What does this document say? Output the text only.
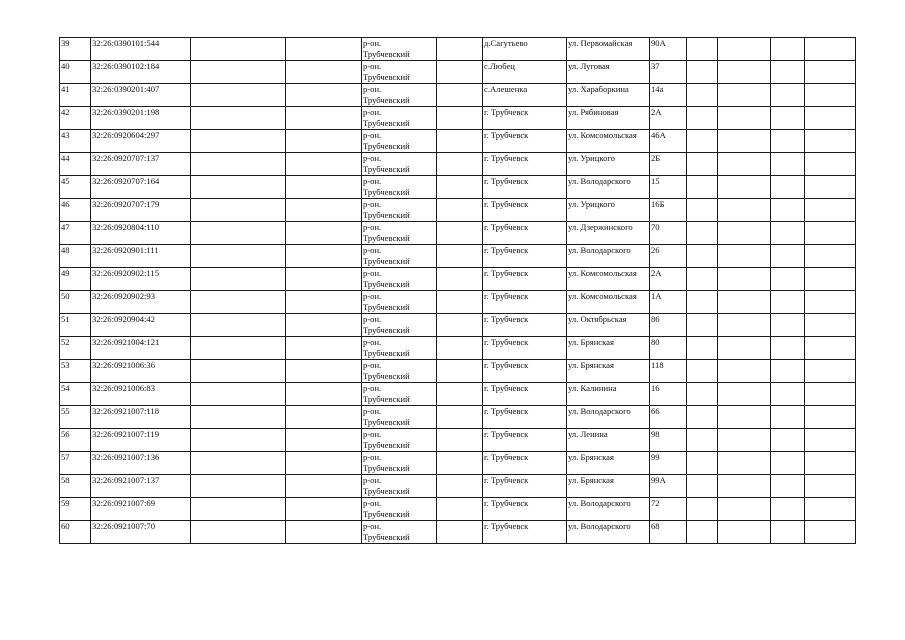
39	32:26:0390101:544			р-он.
Трубчевский		д.Сагутьево	ул. Первомайская	90А				
40	32:26:0390102:184			р-он.
Трубчевский		с.Любец	ул. Луговая	37				
41	32:26:0390201:407			р-он.
Трубчевский		с.Алешенка	ул. Хараборкина	14а				
42	32:26:0390201:198			р-он.
Трубчевский		г. Трубчевск	ул. Рябиновая	2А				
43	32:26:0920604:297			р-он.
Трубчевский		г. Трубчевск	ул. Комсомольская	46А				
44	32:26:0920707:137			р-он.
Трубчевский		г. Трубчевск	ул. Урицкого	2Б				
45	32:26:0920707:164			р-он.
Трубчевский		г. Трубчевск	ул. Володарского	15				
46	32:26:0920707:179			р-он.
Трубчевский		г. Трубчевск	ул. Урицкого	16Б				
47	32:26:0920804:110			р-он.
Трубчевский		г. Трубчевск	ул. Дзержинского	70				
48	32:26:0920901:111			р-он.
Трубчевский		г. Трубчевск	ул. Володарского	26				
49	32:26:0920902:115			р-он.
Трубчевский		г. Трубчевск	ул. Комсомольская	2А				
50	32:26:0920902:93			р-он.
Трубчевский		г. Трубчевск	ул. Комсомольская	1А				
51	32:26:0920904:42			р-он.
Трубчевский		г. Трубчевск	ул. Октябрьская	86				
52	32:26:0921004:121			р-он.
Трубчевский		г. Трубчевск	ул. Брянская	80				
53	32:26:0921006:36			р-он.
Трубчевский		г. Трубчевск	ул. Брянская	118				
54	32:26:0921006:83			р-он.
Трубчевский		г. Трубчевск	ул. Калинина	16				
55	32:26:0921007:118			р-он.
Трубчевский		г. Трубчевск	ул. Володарского	66				
56	32:26:0921007:119			р-он.
Трубчевский		г. Трубчевск	ул. Ленина	98				
57	32:26:0921007:136			р-он.
Трубчевский		г. Трубчевск	ул. Брянская	99				
58	32:26:0921007:137			р-он.
Трубчевский		г. Трубчевск	ул. Брянская	99А				
59	32:26:0921007:69			р-он.
Трубчевский		г. Трубчевск	ул. Володарского	72				
60	32:26:0921007:70			р-он.
Трубчевский		г. Трубчевск	ул. Володарского	68				
